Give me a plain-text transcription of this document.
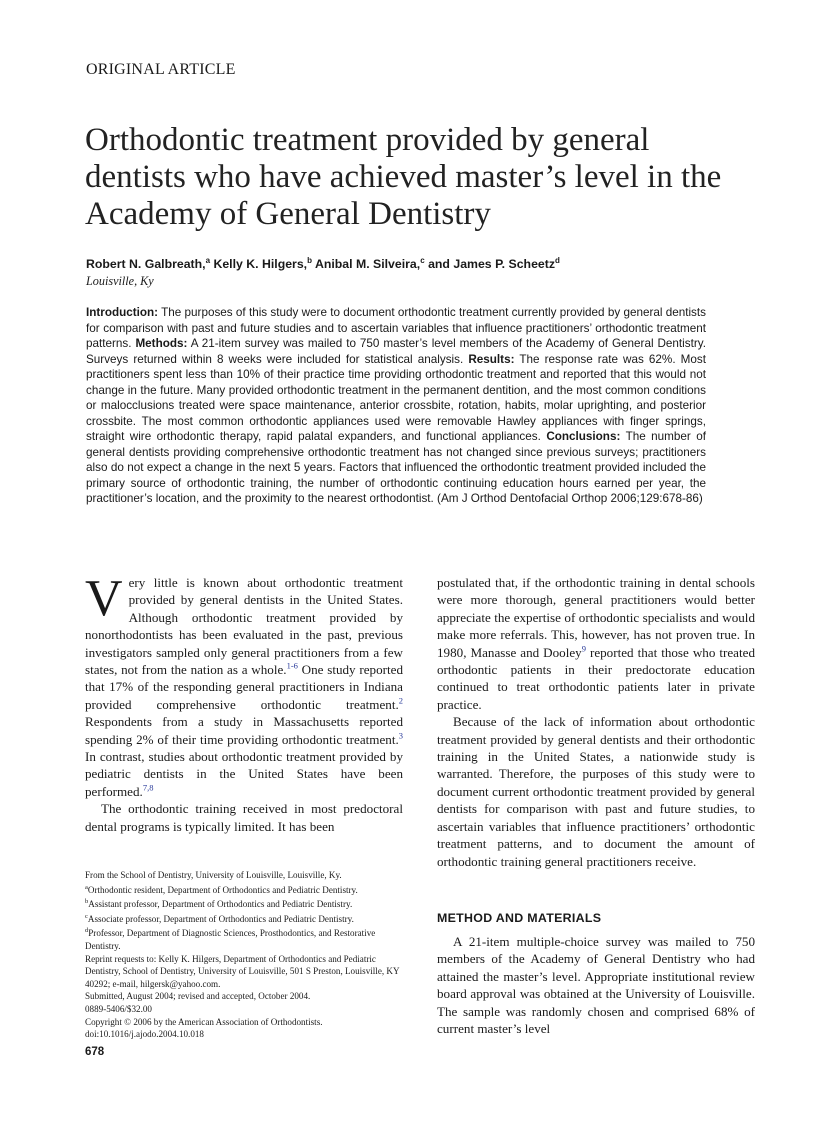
ORIGINAL ARTICLE
Orthodontic treatment provided by general dentists who have achieved master’s level in the Academy of General Dentistry
Robert N. Galbreath,$^a$ Kelly K. Hilgers,$^b$ Anibal M. Silveira,$^c$ and James P. Scheetz$^d$
Louisville, Ky
Introduction: The purposes of this study were to document orthodontic treatment currently provided by general dentists for comparison with past and future studies and to ascertain variables that influence practitioners’ orthodontic treatment patterns. Methods: A 21-item survey was mailed to 750 master’s level members of the Academy of General Dentistry. Surveys returned within 8 weeks were included for statistical analysis. Results: The response rate was 62%. Most practitioners spent less than 10% of their practice time providing orthodontic treatment and reported that this would not change in the future. Many provided orthodontic treatment in the permanent dentition, and the most common conditions or malocclusions treated were space maintenance, anterior crossbite, rotation, habits, molar uprighting, and posterior crossbite. The most common orthodontic appliances used were removable Hawley appliances with finger springs, straight wire orthodontic therapy, rapid palatal expanders, and functional appliances. Conclusions: The number of general dentists providing comprehensive orthodontic treatment has not changed since previous surveys; practitioners also do not expect a change in the next 5 years. Factors that influenced the orthodontic treatment provided included the primary source of orthodontic training, the number of orthodontic continuing education hours earned per year, the practitioner’s location, and the proximity to the nearest orthodontist. (Am J Orthod Dentofacial Orthop 2006;129:678-86)

Very little is known about orthodontic treatment provided by general dentists in the United States. Although orthodontic treatment provided by nonorthodontists has been evaluated in the past, previous investigators sampled only general practitioners from a few states, not from the nation as a whole.$^{1-6}$ One study reported that 17% of the responding general practitioners in Indiana provided comprehensive orthodontic treatment.$^2$ Respondents from a study in Massachusetts reported spending 2% of their time providing orthodontic treatment.$^3$ In contrast, studies about orthodontic treatment provided by pediatric dentists in the United States have been performed.$^{7,8}$

The orthodontic training received in most predoctoral dental programs is typically limited. It has been

From the School of Dentistry, University of Louisville, Louisville, Ky.
$^a$Orthodontic resident, Department of Orthodontics and Pediatric Dentistry.
$^b$Assistant professor, Department of Orthodontics and Pediatric Dentistry.
$^c$Associate professor, Department of Orthodontics and Pediatric Dentistry.
$^d$Professor, Department of Diagnostic Sciences, Prosthodontics, and Restorative Dentistry.
Reprint requests to: Kelly K. Hilgers, Department of Orthodontics and Pediatric Dentistry, School of Dentistry, University of Louisville, 501 S Preston, Louisville, KY 40292; e-mail, hilgersk@yahoo.com.
Submitted, August 2004; revised and accepted, October 2004.
0889-5406/$32.00
Copyright © 2006 by the American Association of Orthodontists.
doi:10.1016/j.ajodo.2004.10.018

postulated that, if the orthodontic training in dental schools were more thorough, general practitioners would better appreciate the expertise of orthodontic specialists and would make more referrals. This, however, has not proven true. In 1980, Manasse and Dooley$^9$ reported that those who treated orthodontic patients in their predoctorate education continued to treat orthodontic patients later in private practice.

Because of the lack of information about orthodontic treatment provided by general dentists and their orthodontic training in the United States, a nationwide study is warranted. Therefore, the purposes of this study were to document current orthodontic treatment provided by general dentists for comparison with past and future studies, to ascertain variables that influence practitioners’ orthodontic treatment patterns, and to document the amount of orthodontic training general practitioners receive.

METHOD AND MATERIALS

A 21-item multiple-choice survey was mailed to 750 members of the Academy of General Dentistry who had attained the master’s level. Appropriate institutional review board approval was obtained at the University of Louisville. The sample was randomly chosen and comprised 68% of current master’s level

678
